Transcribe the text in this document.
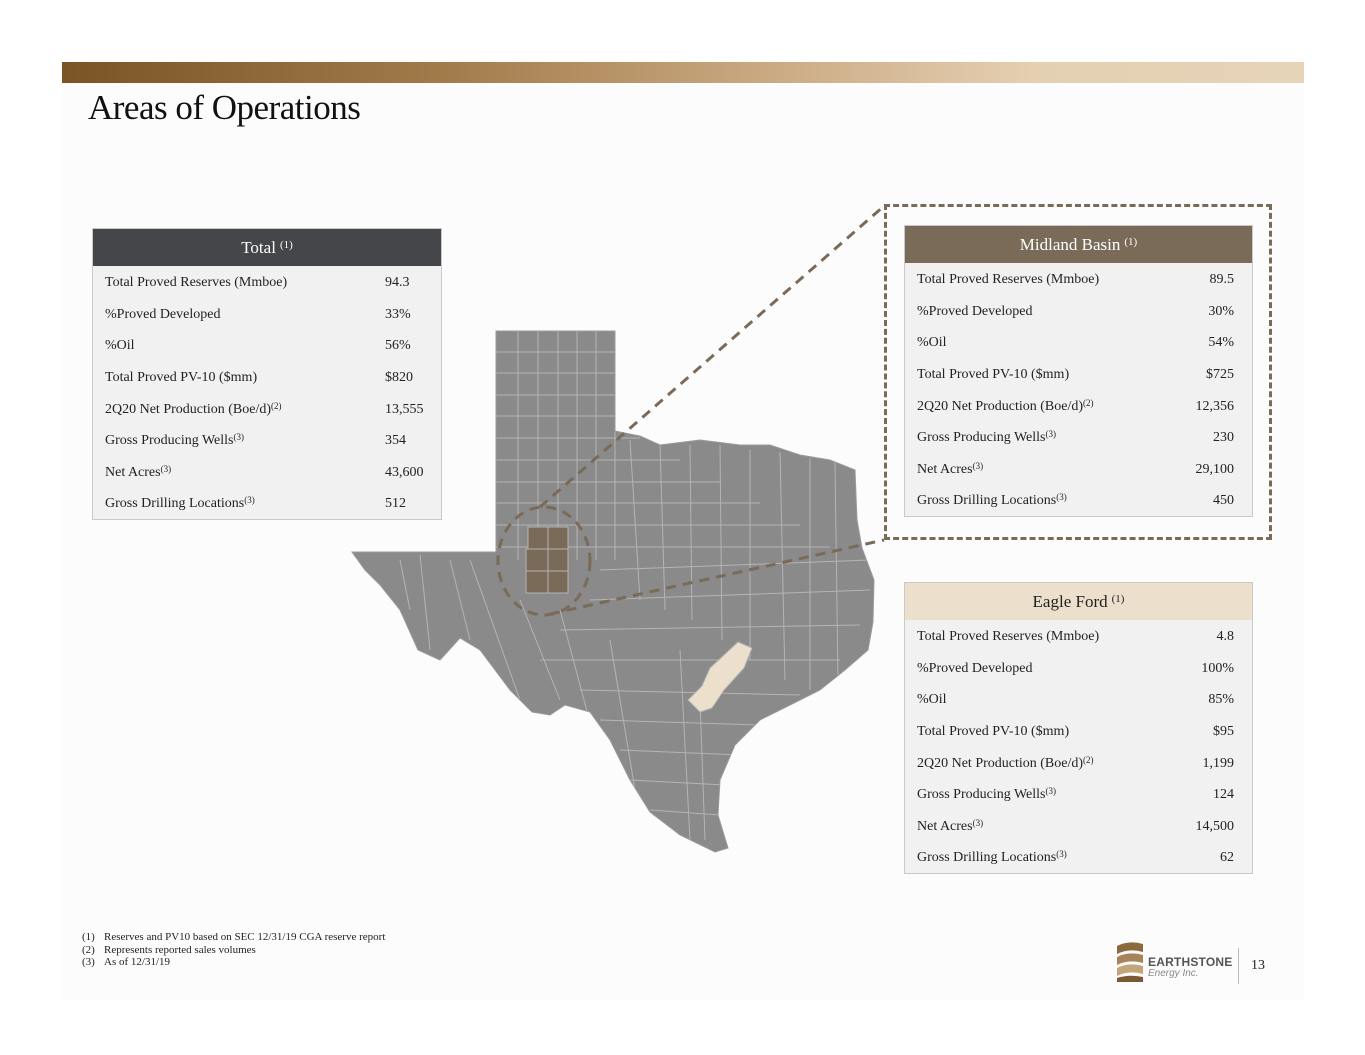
Areas of Operations
Total $^{(1)}$
Total Proved Reserves (Mmboe)	94.3
%Proved Developed	33%
%Oil	56%
Total Proved PV-10 ($mm)	$820
2Q20 Net Production $(Boe/d)^{(2)}$	13,555
Gross Producing Wells$^{(3)}$	354
Net Acres$^{(3)}$	43,600
Gross Drilling Locations$^{(3)}$	512
Midland Basin $^{(1)}$
Total Proved Reserves (Mmboe)	89.5
%Proved Developed	30%
%Oil	54%
Total Proved PV-10 ($mm)	$725
2Q20 Net Production $(Boe/d)^{(2)}$	12,356
Gross Producing Wells$^{(3)}$	230
Net Acres$^{(3)}$	29,100
Gross Drilling Locations$^{(3)}$	450
Eagle Ford $^{(1)}$
Total Proved Reserves (Mmboe)	4.8
%Proved Developed	100%
%Oil	85%
Total Proved PV-10 ($mm)	$95
2Q20 Net Production $(Boe/d)^{(2)}$	1,199
Gross Producing Wells$^{(3)}$	124
Net Acres$^{(3)}$	14,500
Gross Drilling Locations$^{(3)}$	62
(1) Reserves and PV10 based on SEC 12/31/19 CGA reserve report
(2) Represents reported sales volumes
(3) As of 12/31/19	EARTHSTONE
Energy Inc.
13
